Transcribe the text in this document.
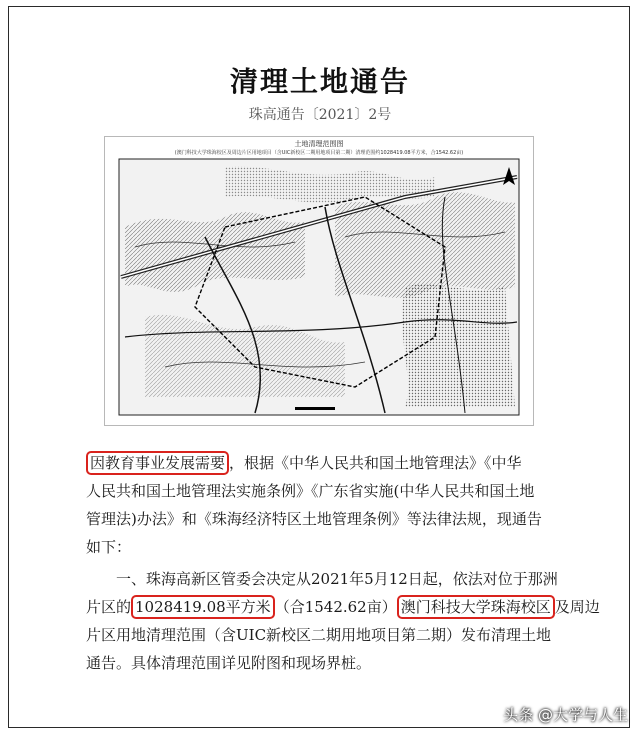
清理土地通告
珠高通告〔2021〕2号
土地清理范围图
(澳门科技大学珠海校区及周边片区用地项目（含UIC新校区二期用地项目第二期）清理范围约1028419.08平方米，合1542.62亩)
因教育事业发展需要 ，根据《中华人民共和国土地管理法》《中华
人民共和国土地管理法实施条例》《广东省实施(中华人民共和国土地
管理法)办法》和《珠海经济特区土地管理条例》等法律法规，现通告
如下：
一、珠海高新区管委会决定从2021年5月12日起，依法对位于那洲
片区的 1028419.08平方米 （合1542.62亩） 澳门科技大学珠海校区 及周边
片区用地清理范围（含UIC新校区二期用地项目第二期）发布清理土地
通告。具体清理范围详见附图和现场界桩。
头条 @大学与人生
